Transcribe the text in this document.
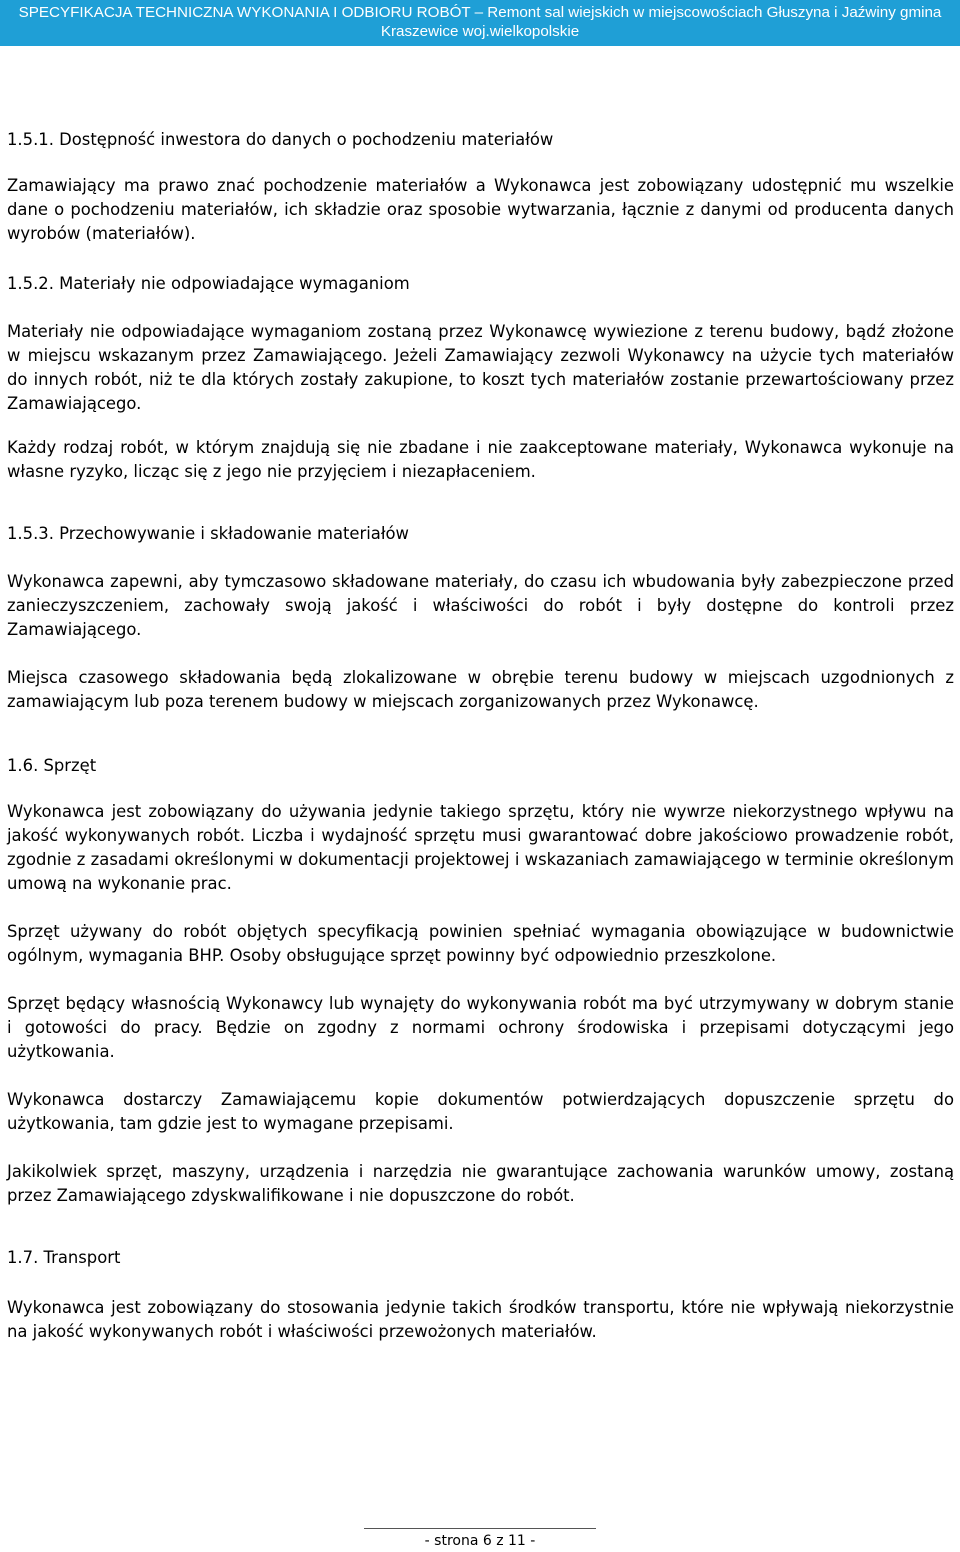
SPECYFIKACJA TECHNICZNA WYKONANIA I ODBIORU ROBÓT – Remont sal wiejskich w miejscowościach Głuszyna i Jaźwiny gmina
Kraszewice woj.wielkopolskie
1.5.1. Dostępność inwestora do danych o pochodzeniu materiałów

Zamawiający ma prawo znać pochodzenie materiałów a Wykonawca jest zobowiązany udostępnić mu wszelkie dane o pochodzeniu materiałów, ich składzie oraz sposobie wytwarzania, łącznie z danymi od producenta danych wyrobów (materiałów).

1.5.2. Materiały nie odpowiadające wymaganiom

Materiały nie odpowiadające wymaganiom zostaną przez Wykonawcę wywiezione z terenu budowy, bądź złożone w miejscu wskazanym przez Zamawiającego. Jeżeli Zamawiający zezwoli Wykonawcy na użycie tych materiałów do innych robót, niż te dla których zostały zakupione, to koszt tych materiałów zostanie przewartościowany przez Zamawiającego.

Każdy rodzaj robót, w którym znajdują się nie zbadane i nie zaakceptowane materiały, Wykonawca wykonuje na własne ryzyko, licząc się z jego nie przyjęciem i niezapłaceniem.

1.5.3. Przechowywanie i składowanie materiałów

Wykonawca zapewni, aby tymczasowo składowane materiały, do czasu ich wbudowania były zabezpieczone przed zanieczyszczeniem, zachowały swoją jakość i właściwości do robót i były dostępne do kontroli przez Zamawiającego.

Miejsca czasowego składowania będą zlokalizowane w obrębie terenu budowy w miejscach uzgodnionych z zamawiającym lub poza terenem budowy w miejscach zorganizowanych przez Wykonawcę.

1.6. Sprzęt

Wykonawca jest zobowiązany do używania jedynie takiego sprzętu, który nie wywrze niekorzystnego wpływu na jakość wykonywanych robót. Liczba i wydajność sprzętu musi gwarantować dobre jakościowo prowadzenie robót, zgodnie z zasadami określonymi w dokumentacji projektowej i wskazaniach zamawiającego w terminie określonym umową na wykonanie prac.

Sprzęt używany do robót objętych specyfikacją powinien spełniać wymagania obowiązujące w budownictwie ogólnym, wymagania BHP. Osoby obsługujące sprzęt powinny być odpowiednio przeszkolone.

Sprzęt będący własnością Wykonawcy lub wynajęty do wykonywania robót ma być utrzymywany w dobrym stanie i gotowości do pracy. Będzie on zgodny z normami ochrony środowiska i przepisami dotyczącymi jego użytkowania.

Wykonawca dostarczy Zamawiającemu kopie dokumentów potwierdzających dopuszczenie sprzętu do użytkowania, tam gdzie jest to wymagane przepisami.

Jakikolwiek sprzęt, maszyny, urządzenia i narzędzia nie gwarantujące zachowania warunków umowy, zostaną przez Zamawiającego zdyskwalifikowane i nie dopuszczone do robót.

1.7. Transport

Wykonawca jest zobowiązany do stosowania jedynie takich środków transportu, które nie wpływają niekorzystnie na jakość wykonywanych robót i właściwości przewożonych materiałów.

- strona 6 z 11 -
